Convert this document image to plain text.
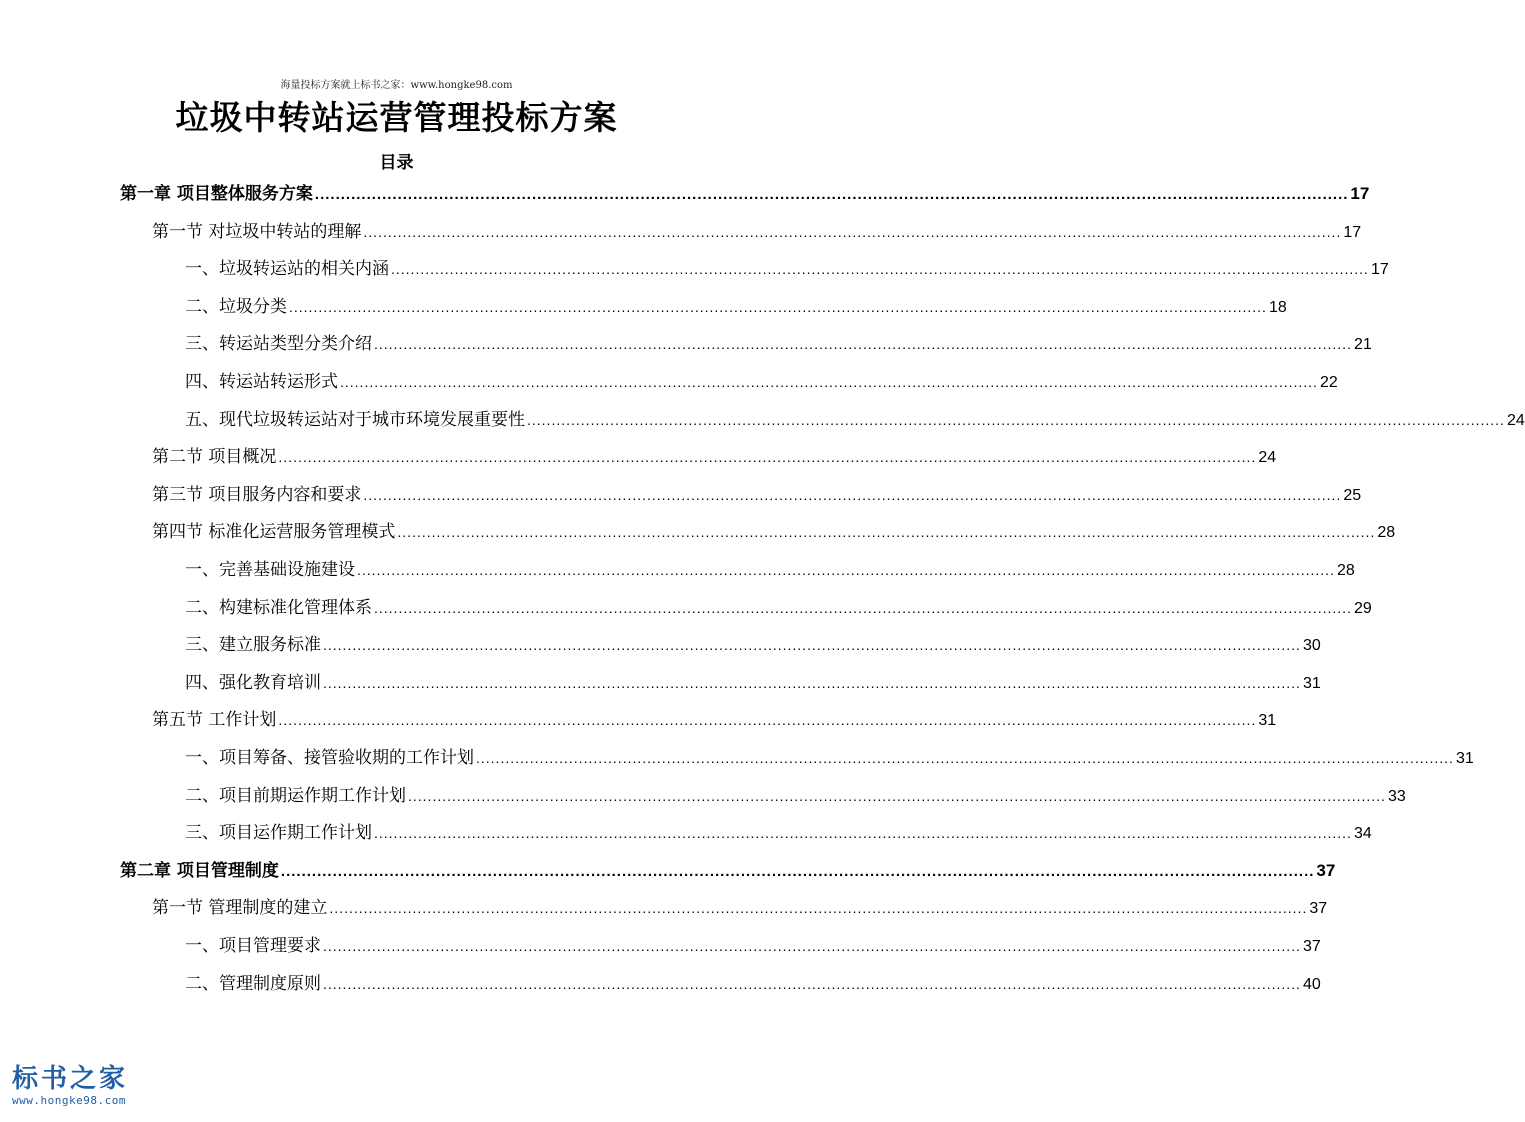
海量投标方案就上标书之家：www.hongke98.com
垃圾中转站运营管理投标方案
目录
第一章 项目整体服务方案 ........................................................................................................................................................................................................ 17
第一节 对垃圾中转站的理解 ........................................................................................................................................................................................................ 17
一、垃圾转运站的相关内涵 ........................................................................................................................................................................................................ 17
二、垃圾分类 ........................................................................................................................................................................................................ 18
三、转运站类型分类介绍 ........................................................................................................................................................................................................ 21
四、转运站转运形式 ........................................................................................................................................................................................................ 22
五、现代垃圾转运站对于城市环境发展重要性 ........................................................................................................................................................................................................ 24
第二节 项目概况 ........................................................................................................................................................................................................ 24
第三节 项目服务内容和要求 ........................................................................................................................................................................................................ 25
第四节 标准化运营服务管理模式 ........................................................................................................................................................................................................ 28
一、完善基础设施建设 ........................................................................................................................................................................................................ 28
二、构建标准化管理体系 ........................................................................................................................................................................................................ 29
三、建立服务标准 ........................................................................................................................................................................................................ 30
四、强化教育培训 ........................................................................................................................................................................................................ 31
第五节 工作计划 ........................................................................................................................................................................................................ 31
一、项目筹备、接管验收期的工作计划 ........................................................................................................................................................................................................ 31
二、项目前期运作期工作计划 ........................................................................................................................................................................................................ 33
三、项目运作期工作计划 ........................................................................................................................................................................................................ 34
第二章 项目管理制度 ........................................................................................................................................................................................................ 37
第一节 管理制度的建立 ........................................................................................................................................................................................................ 37
一、项目管理要求 ........................................................................................................................................................................................................ 37
二、管理制度原则 ........................................................................................................................................................................................................ 40
标书之家
www.hongke98.com
